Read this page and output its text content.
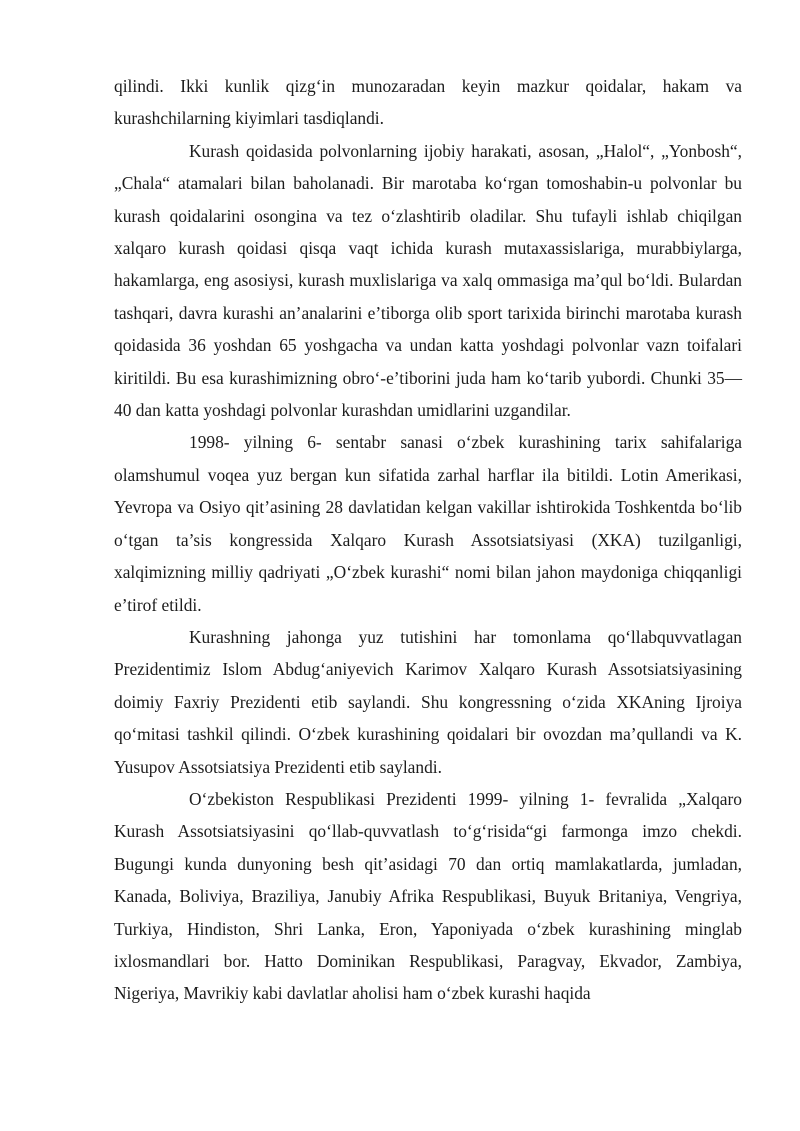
qilindi. Ikki kunlik qizg‘in munozaradan keyin mazkur qoidalar, hakam va kurashchilarning kiyimlari tasdiqlandi.

Kurash qoidasida polvonlarning ijobiy harakati, asosan, „Halol“, „Yonbosh“, „Chala“ atamalari bilan baholanadi. Bir marotaba ko‘rgan tomoshabin-u polvonlar bu kurash qoidalarini osongina va tez o‘zlashtirib oladilar. Shu tufayli ishlab chiqilgan xalqaro kurash qoidasi qisqa vaqt ichida kurash mutaxassislariga, murabbiylarga, hakamlarga, eng asosiysi, kurash muxlislariga va xalq ommasiga ma’qul bo‘ldi. Bulardan tashqari, davra kurashi an’analarini e’tiborga olib sport tarixida birinchi marotaba kurash qoidasida 36 yoshdan 65 yoshgacha va undan katta yoshdagi polvonlar vazn toifalari kiritildi. Bu esa kurashimizning obro‘-e’tiborini juda ham ko‘tarib yubordi. Chunki 35—40 dan katta yoshdagi polvonlar kurashdan umidlarini uzgandilar.

1998- yilning 6- sentabr sanasi o‘zbek kurashining tarix sahifalariga olamshumul voqea yuz bergan kun sifatida zarhal harflar ila bitildi. Lotin Amerikasi, Yevropa va Osiyo qit’asining 28 davlatidan kelgan vakillar ishtirokida Toshkentda bo‘lib o‘tgan ta’sis kongressida Xalqaro Kurash Assotsiatsiyasi (XKA) tuzilganligi, xalqimizning milliy qadriyati „O‘zbek kurashi“ nomi bilan jahon maydoniga chiqqanligi e’tirof etildi.

Kurashning jahonga yuz tutishini har tomonlama qo‘llabquvvatlagan Prezidentimiz Islom Abdug‘aniyevich Karimov Xalqaro Kurash Assotsiatsiyasining doimiy Faxriy Prezidenti etib saylandi. Shu kongressning o‘zida XKAning Ijroiya qo‘mitasi tashkil qilindi. O‘zbek kurashining qoidalari bir ovozdan ma’qullandi va K. Yusupov Assotsiatsiya Prezidenti etib saylandi.

O‘zbekiston Respublikasi Prezidenti 1999- yilning 1- fevralida „Xalqaro Kurash Assotsiatsiyasini qo‘llab-quvvatlash to‘g‘risida“gi farmonga imzo chekdi. Bugungi kunda dunyoning besh qit’asidagi 70 dan ortiq mamlakatlarda, jumladan, Kanada, Boliviya, Braziliya, Janubiy Afrika Respublikasi, Buyuk Britaniya, Vengriya, Turkiya, Hindiston, Shri Lanka, Eron, Yaponiyada o‘zbek kurashining minglab ixlosmandlari bor. Hatto Dominikan Respublikasi, Paragvay, Ekvador, Zambiya, Nigeriya, Mavrikiy kabi davlatlar aholisi ham o‘zbek kurashi haqida
